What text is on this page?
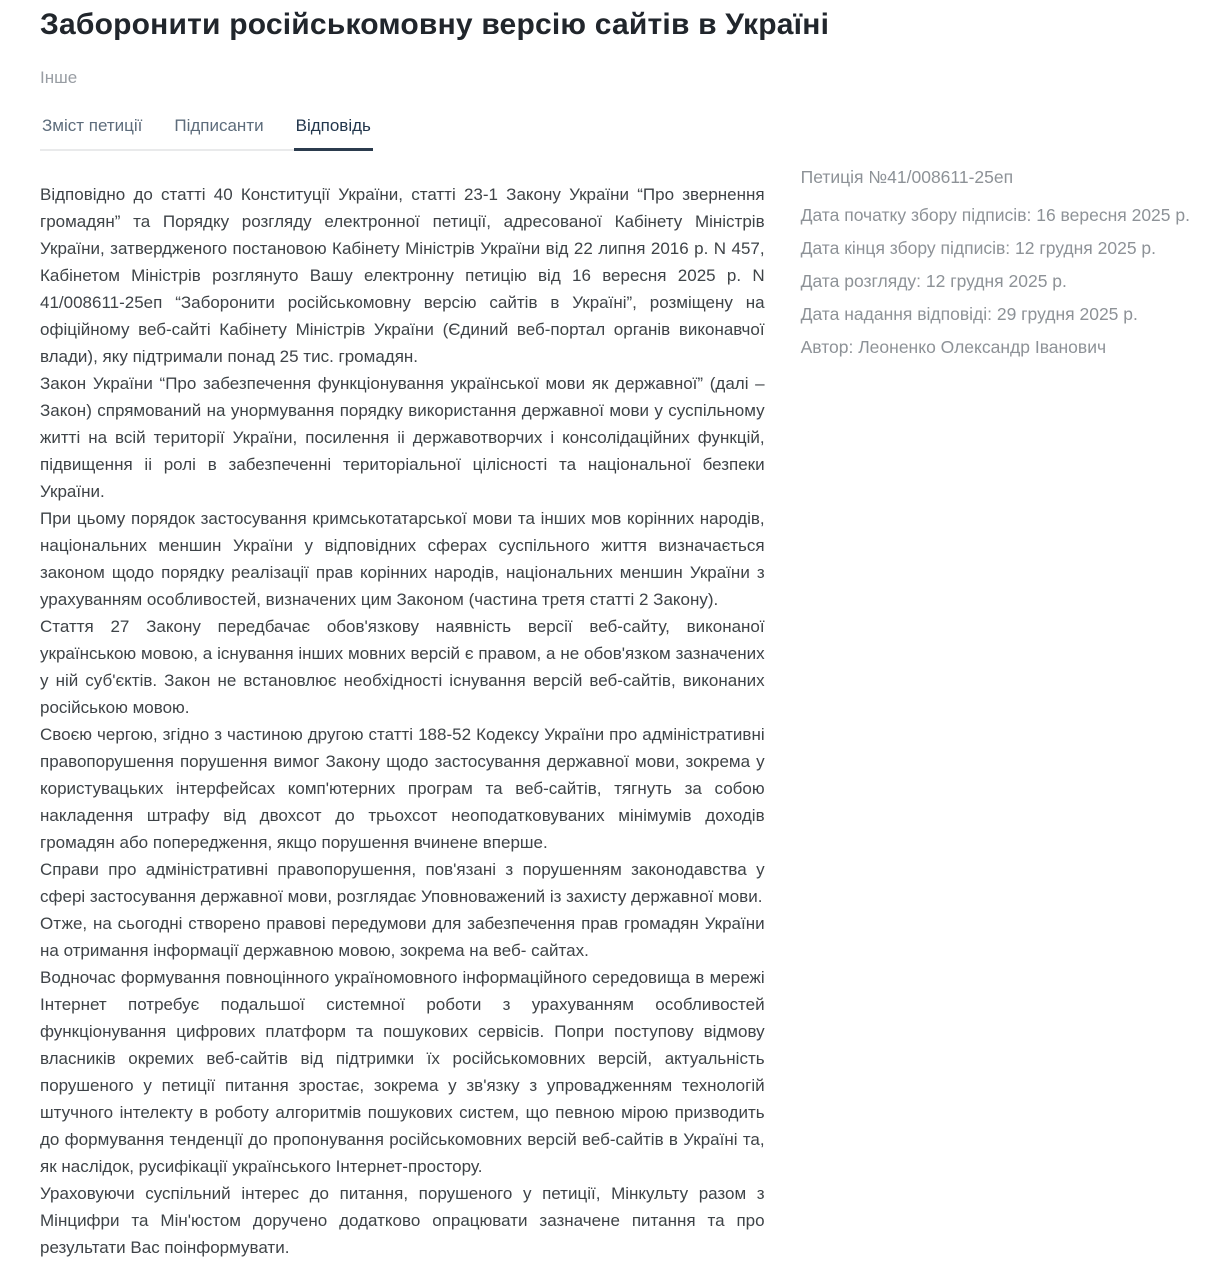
Заборонити російськомовну версію сайтів в Україні
Інше
Зміст петиції Підписанти Відповідь

Відповідно до статті 40 Конституції України, статті 23-1 Закону України “Про звернення громадян” та Порядку розгляду електронної петиції, адресованої Кабінету Міністрів України, затвердженого постановою Кабінету Міністрів України від 22 липня 2016 р. N 457, Кабінетом Міністрів розглянуто Вашу електронну петицію від 16 вересня 2025 р. N 41/008611-25еп “Заборонити російськомовну версію сайтів в Україні”, розміщену на офіційному веб-сайті Кабінету Міністрів України (Єдиний веб-портал органів виконавчої влади), яку підтримали понад 25 тис. громадян.

Закон України “Про забезпечення функціонування української мови як державної” (далі – Закон) спрямований на унормування порядку використання державної мови у суспільному житті на всій території України, посилення іі державотворчих і консолідаційних функцій, підвищення іі ролі в забезпеченні територіальної цілісності та національної безпеки України.

При цьому порядок застосування кримськотатарської мови та інших мов корінних народів, національних меншин України у відповідних сферах суспільного життя визначається законом щодо порядку реалізації прав корінних народів, національних меншин України з урахуванням особливостей, визначених цим Законом (частина третя статті 2 Закону).

Стаття 27 Закону передбачає обов'язкову наявність версії веб-сайту, виконаної українською мовою, а існування інших мовних версій є правом, а не обов'язком зазначених у ній суб'єктів. Закон не встановлює необхідності існування версій веб-сайтів, виконаних російською мовою.

Своєю чергою, згідно з частиною другою статті 188-52 Кодексу України про адміністративні правопорушення порушення вимог Закону щодо застосування державної мови, зокрема у користувацьких інтерфейсах комп'ютерних програм та веб-сайтів, тягнуть за собою накладення штрафу від двохсот до трьохсот неоподатковуваних мінімумів доходів громадян або попередження, якщо порушення вчинене вперше.

Справи про адміністративні правопорушення, пов'язані з порушенням законодавства у сфері застосування державної мови, розглядає Уповноважений із захисту державної мови.

Отже, на сьогодні створено правові передумови для забезпечення прав громадян України на отримання інформації державною мовою, зокрема на веб- сайтах.

Водночас формування повноцінного україномовного інформаційного середовища в мережі Інтернет потребує подальшої системної роботи з урахуванням особливостей функціонування цифрових платформ та пошукових сервісів. Попри поступову відмову власників окремих веб-сайтів від підтримки їх російськомовних версій, актуальність порушеного у петиції питання зростає, зокрема у зв'язку з упровадженням технологій штучного інтелекту в роботу алгоритмів пошукових систем, що певною мірою призводить до формування тенденції до пропонування російськомовних версій веб-сайтів в Україні та, як наслідок, русифікації українського Інтернет-простору.

Ураховуючи суспільний інтерес до питання, порушеного у петиції, Мінкульту разом з Мінцифри та Мін'юстом доручено додатково опрацювати зазначене питання та про результати Вас поінформувати.

Петиція №41/008611-25еп
Дата початку збору підписів: 16 вересня 2025 р.
Дата кінця збору підписів: 12 грудня 2025 р.
Дата розгляду: 12 грудня 2025 р.
Дата надання відповіді: 29 грудня 2025 р.
Автор: Леоненко Олександр Іванович
